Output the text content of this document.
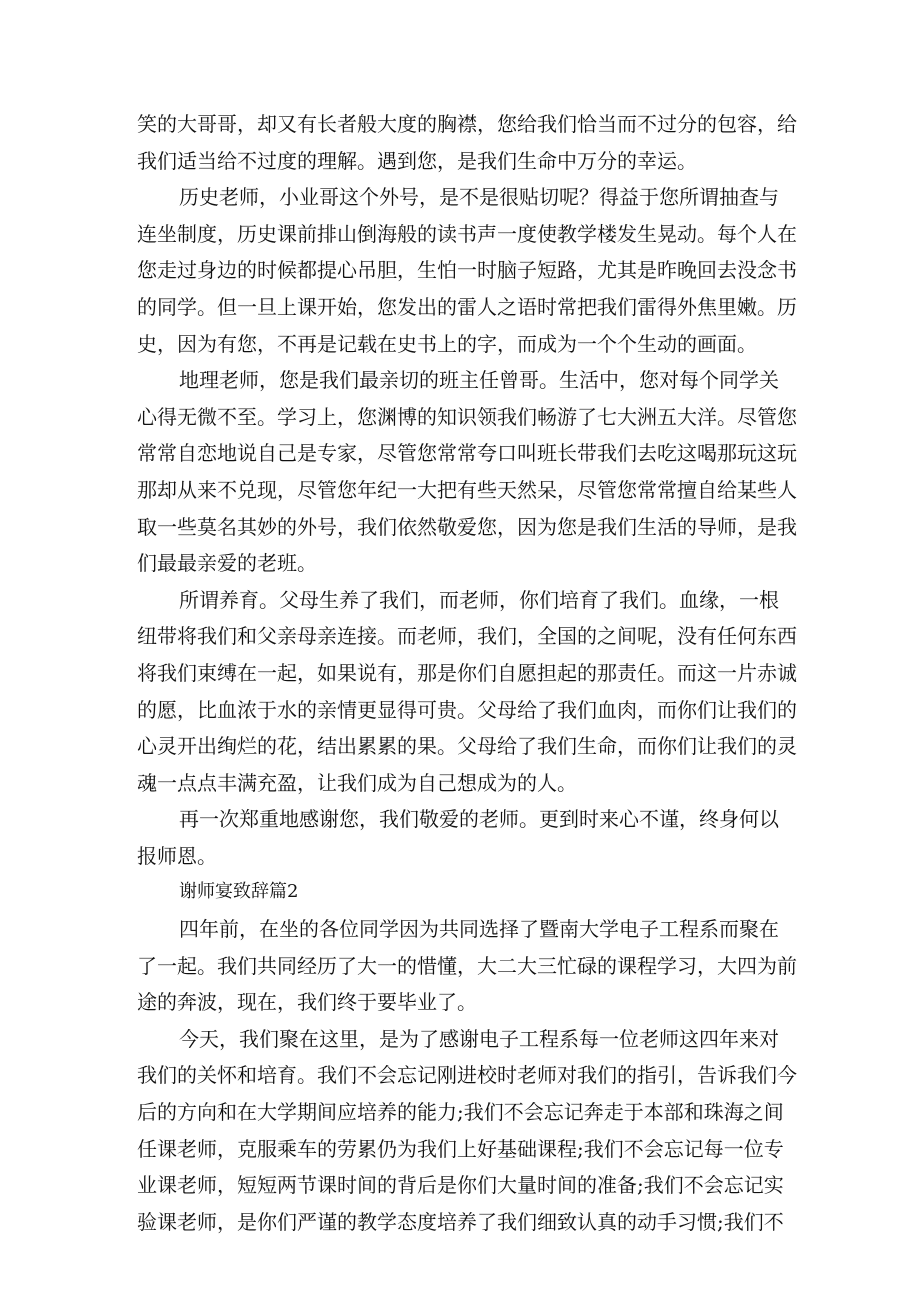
笑的大哥哥，却又有长者般大度的胸襟，您给我们恰当而不过分的包容，给
我们适当给不过度的理解。遇到您，是我们生命中万分的幸运。
历史老师，小业哥这个外号，是不是很贴切呢？得益于您所谓抽查与
连坐制度，历史课前排山倒海般的读书声一度使教学楼发生晃动。每个人在
您走过身边的时候都提心吊胆，生怕一时脑子短路，尤其是昨晚回去没念书
的同学。但一旦上课开始，您发出的雷人之语时常把我们雷得外焦里嫩。历
史，因为有您，不再是记载在史书上的字，而成为一个个生动的画面。
地理老师，您是我们最亲切的班主任曾哥。生活中，您对每个同学关
心得无微不至。学习上，您渊博的知识领我们畅游了七大洲五大洋。尽管您
常常自恋地说自己是专家，尽管您常常夸口叫班长带我们去吃这喝那玩这玩
那却从来不兑现，尽管您年纪一大把有些天然呆，尽管您常常擅自给某些人
取一些莫名其妙的外号，我们依然敬爱您，因为您是我们生活的导师，是我
们最最亲爱的老班。
所谓养育。父母生养了我们，而老师，你们培育了我们。血缘，一根
纽带将我们和父亲母亲连接。而老师，我们，全国的之间呢，没有任何东西
将我们束缚在一起，如果说有，那是你们自愿担起的那责任。而这一片赤诚
的愿，比血浓于水的亲情更显得可贵。父母给了我们血肉，而你们让我们的
心灵开出绚烂的花，结出累累的果。父母给了我们生命，而你们让我们的灵
魂一点点丰满充盈，让我们成为自己想成为的人。
再一次郑重地感谢您，我们敬爱的老师。更到时来心不谨，终身何以
报师恩。
谢师宴致辞篇2
四年前，在坐的各位同学因为共同选择了暨南大学电子工程系而聚在
了一起。我们共同经历了大一的惜懂，大二大三忙碌的课程学习，大四为前
途的奔波，现在，我们终于要毕业了。
今天，我们聚在这里，是为了感谢电子工程系每一位老师这四年来对
我们的关怀和培育。我们不会忘记刚进校时老师对我们的指引，告诉我们今
后的方向和在大学期间应培养的能力;我们不会忘记奔走于本部和珠海之间
任课老师，克服乘车的劳累仍为我们上好基础课程;我们不会忘记每一位专
业课老师，短短两节课时间的背后是你们大量时间的准备;我们不会忘记实
验课老师，是你们严谨的教学态度培养了我们细致认真的动手习惯;我们不
